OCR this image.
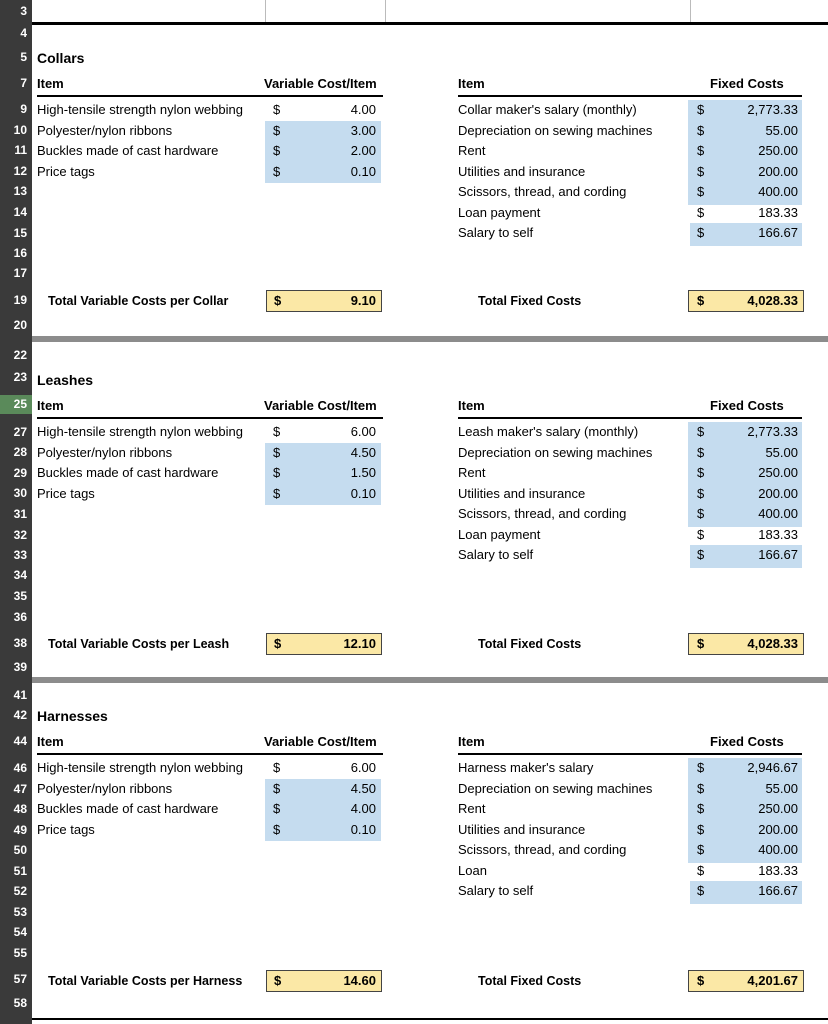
3
4
5
7
9
10
11
12
13
14
15
16
17
19
20
22
23
25
27
28
29
30
31
32
33
34
35
36
38
39
41
42
44
46
47
48
49
50
51
52
53
54
55
57
58
Collars
Item	Variable Cost/Item	Item	Fixed Costs
High-tensile strength nylon webbing $	4.00
Polyester/nylon ribbons	$	3.00
Buckles made of cast hardware	$	2.00
Price tags	$	0.10
Collar maker's salary (monthly)	$	2,773.33
Depreciation on sewing machines	$	55.00
Rent	$	250.00
Utilities and insurance	$	200.00
Scissors, thread, and cording	$	400.00
Loan payment	$	183.33
Salary to self	$	166.67
Total Variable Costs per Collar	$	9.10	Total Fixed Costs	$	4,028.33
Leashes
Item	Variable Cost/Item	Item	Fixed Costs
High-tensile strength nylon webbing $	6.00
Polyester/nylon ribbons	$	4.50
Buckles made of cast hardware	$	1.50
Price tags	$	0.10
Leash maker's salary (monthly)	$	2,773.33
Depreciation on sewing machines	$	55.00
Rent	$	250.00
Utilities and insurance	$	200.00
Scissors, thread, and cording	$	400.00
Loan payment	$	183.33
Salary to self	$	166.67
Total Variable Costs per Leash	$	12.10	Total Fixed Costs	$	4,028.33
Harnesses
Item	Variable Cost/Item	Item	Fixed Costs
High-tensile strength nylon webbing $	6.00
Polyester/nylon ribbons	$	4.50
Buckles made of cast hardware	$	4.00
Price tags	$	0.10
Harness maker's salary	$	2,946.67
Depreciation on sewing machines	$	55.00
Rent	$	250.00
Utilities and insurance	$	200.00
Scissors, thread, and cording	$	400.00
Loan	$	183.33
Salary to self	$	166.67
Total Variable Costs per Harness $	14.60	Total Fixed Costs	$	4,201.67
